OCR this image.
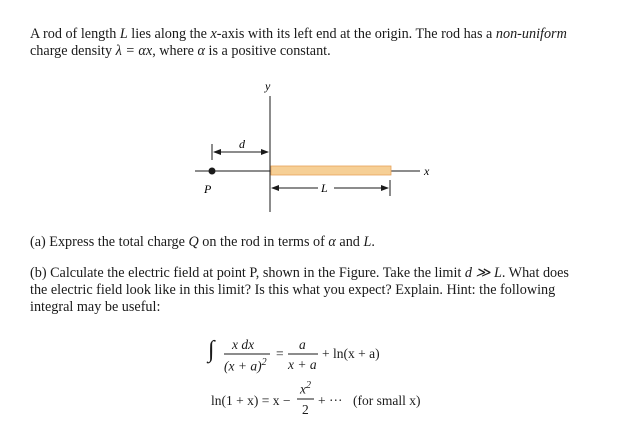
A rod of length L lies along the x-axis with its left end at the origin. The rod has a non-uniform
charge density λ = αx, where α is a positive constant.
y
d
x
P	L
(a) Express the total charge Q on the rod in terms of α and L.
(b) Calculate the electric field at point P, shown in the Figure. Take the limit d ≫ L. What does
the electric field look like in this limit? Is this what you expect? Explain. Hint: the following
integral may be useful:
∫ x dx
$(x + a)^2$
=
a
x + a
+ ln(x + a)
ln(1 + x) = x −
$x^2$
2
+ ··· (for small x)
